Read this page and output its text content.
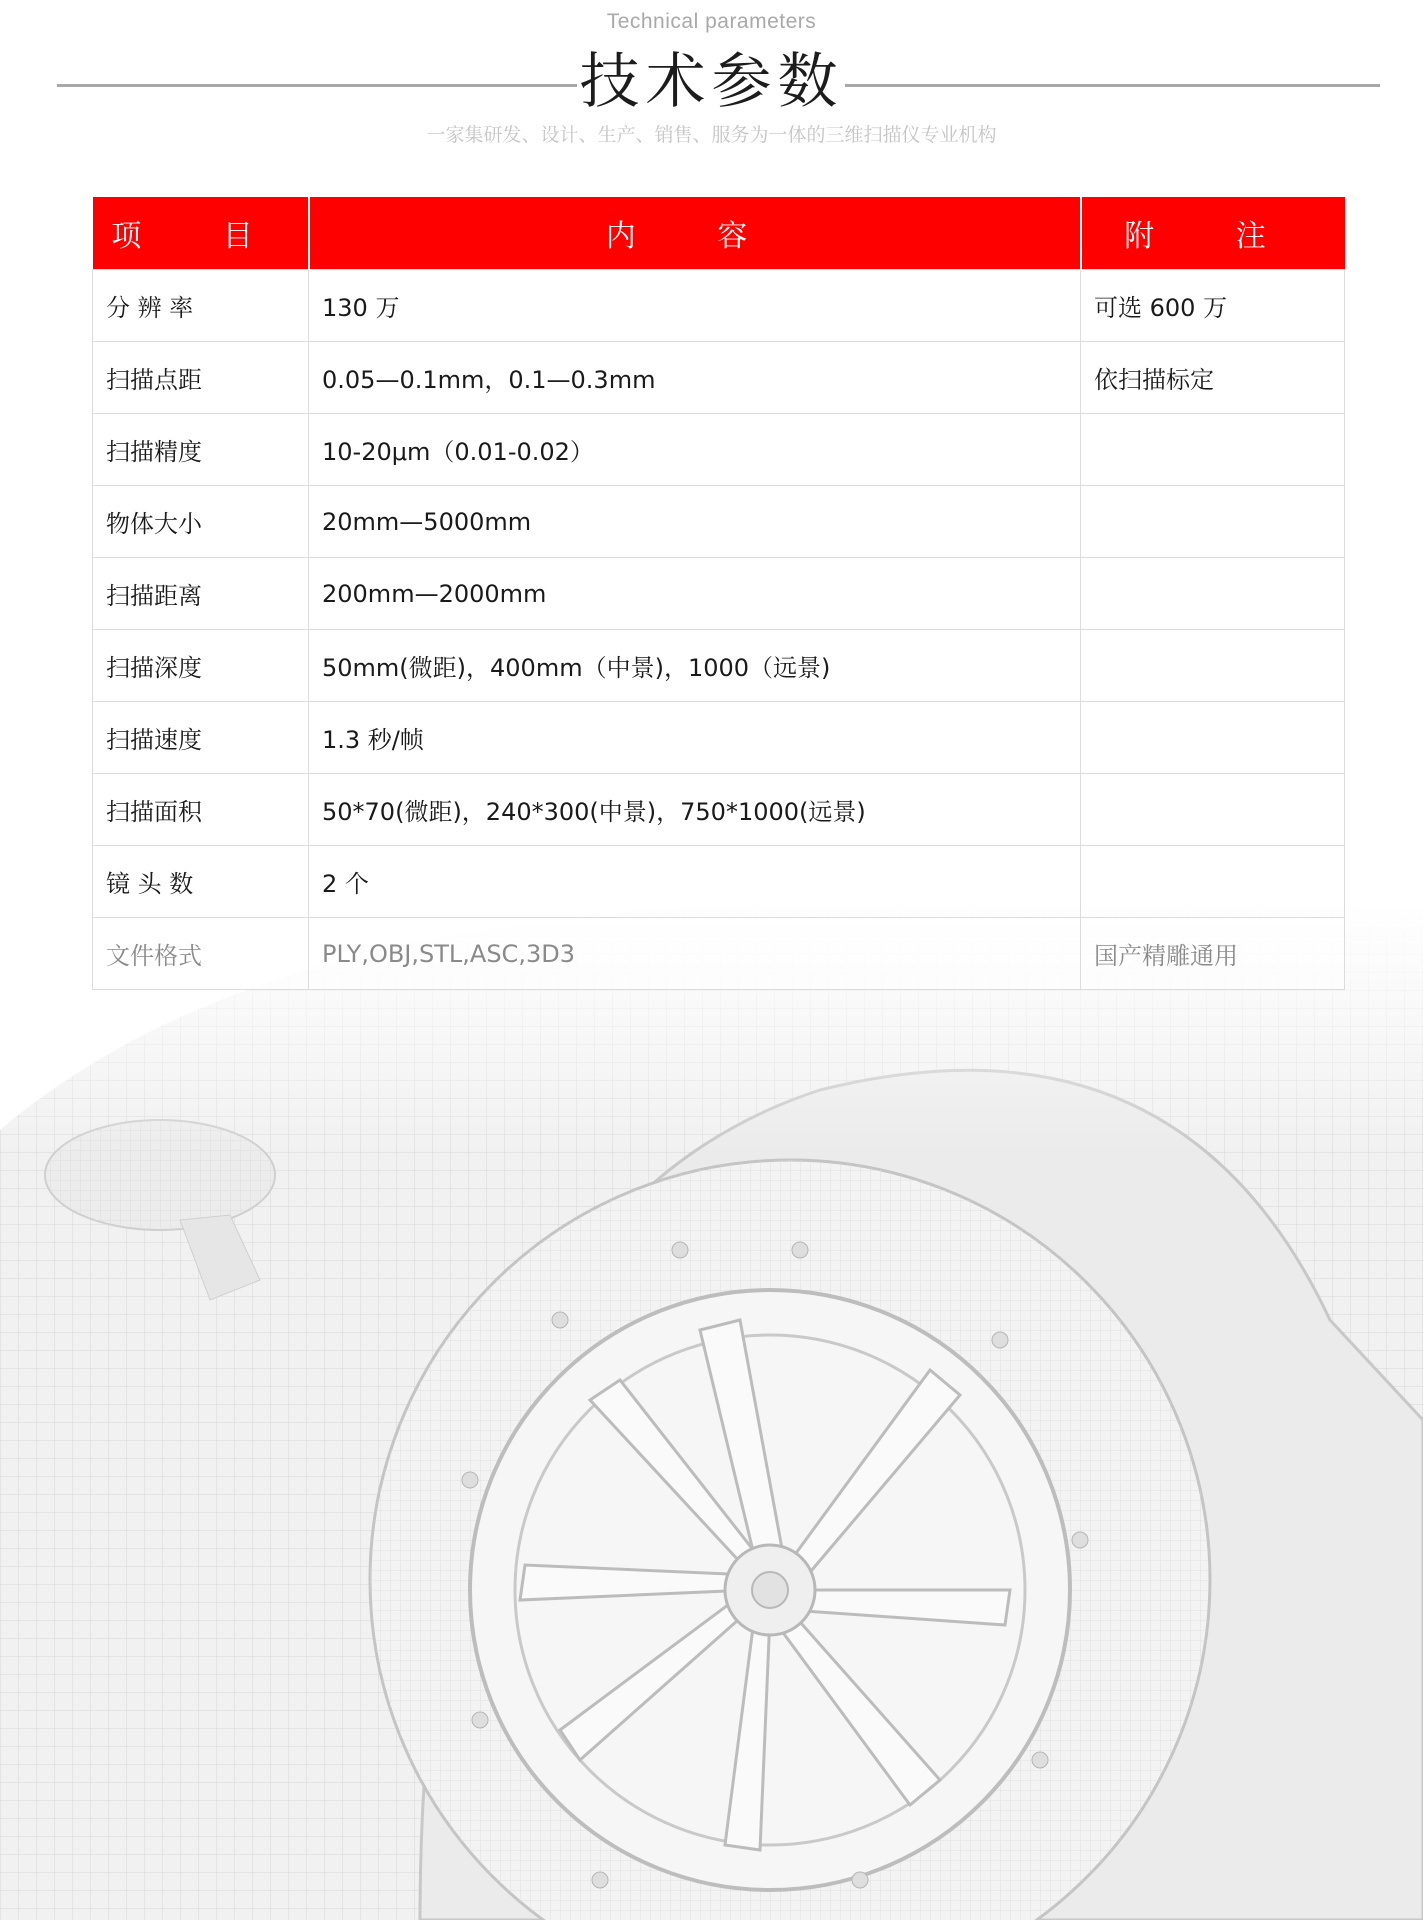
Technical parameters
技术参数
一家集研发、设计、生产、销售、服务为一体的三维扫描仪专业机构
项 目	内 容	附 注
分 辨 率	130 万	可选 600 万
扫描点距	0.05—0.1mm，0.1—0.3mm	依扫描标定
扫描精度	10-20μm（0.01-0.02）	
物体大小	20mm—5000mm	
扫描距离	200mm—2000mm	
扫描深度	50mm(微距)，400mm（中景)，1000（远景)	
扫描速度	1.3 秒/帧	
扫描面积	50*70(微距)，240*300(中景)，750*1000(远景)	
镜 头 数	2 个	
文件格式	PLY,OBJ,STL,ASC,3D3	国产精雕通用
